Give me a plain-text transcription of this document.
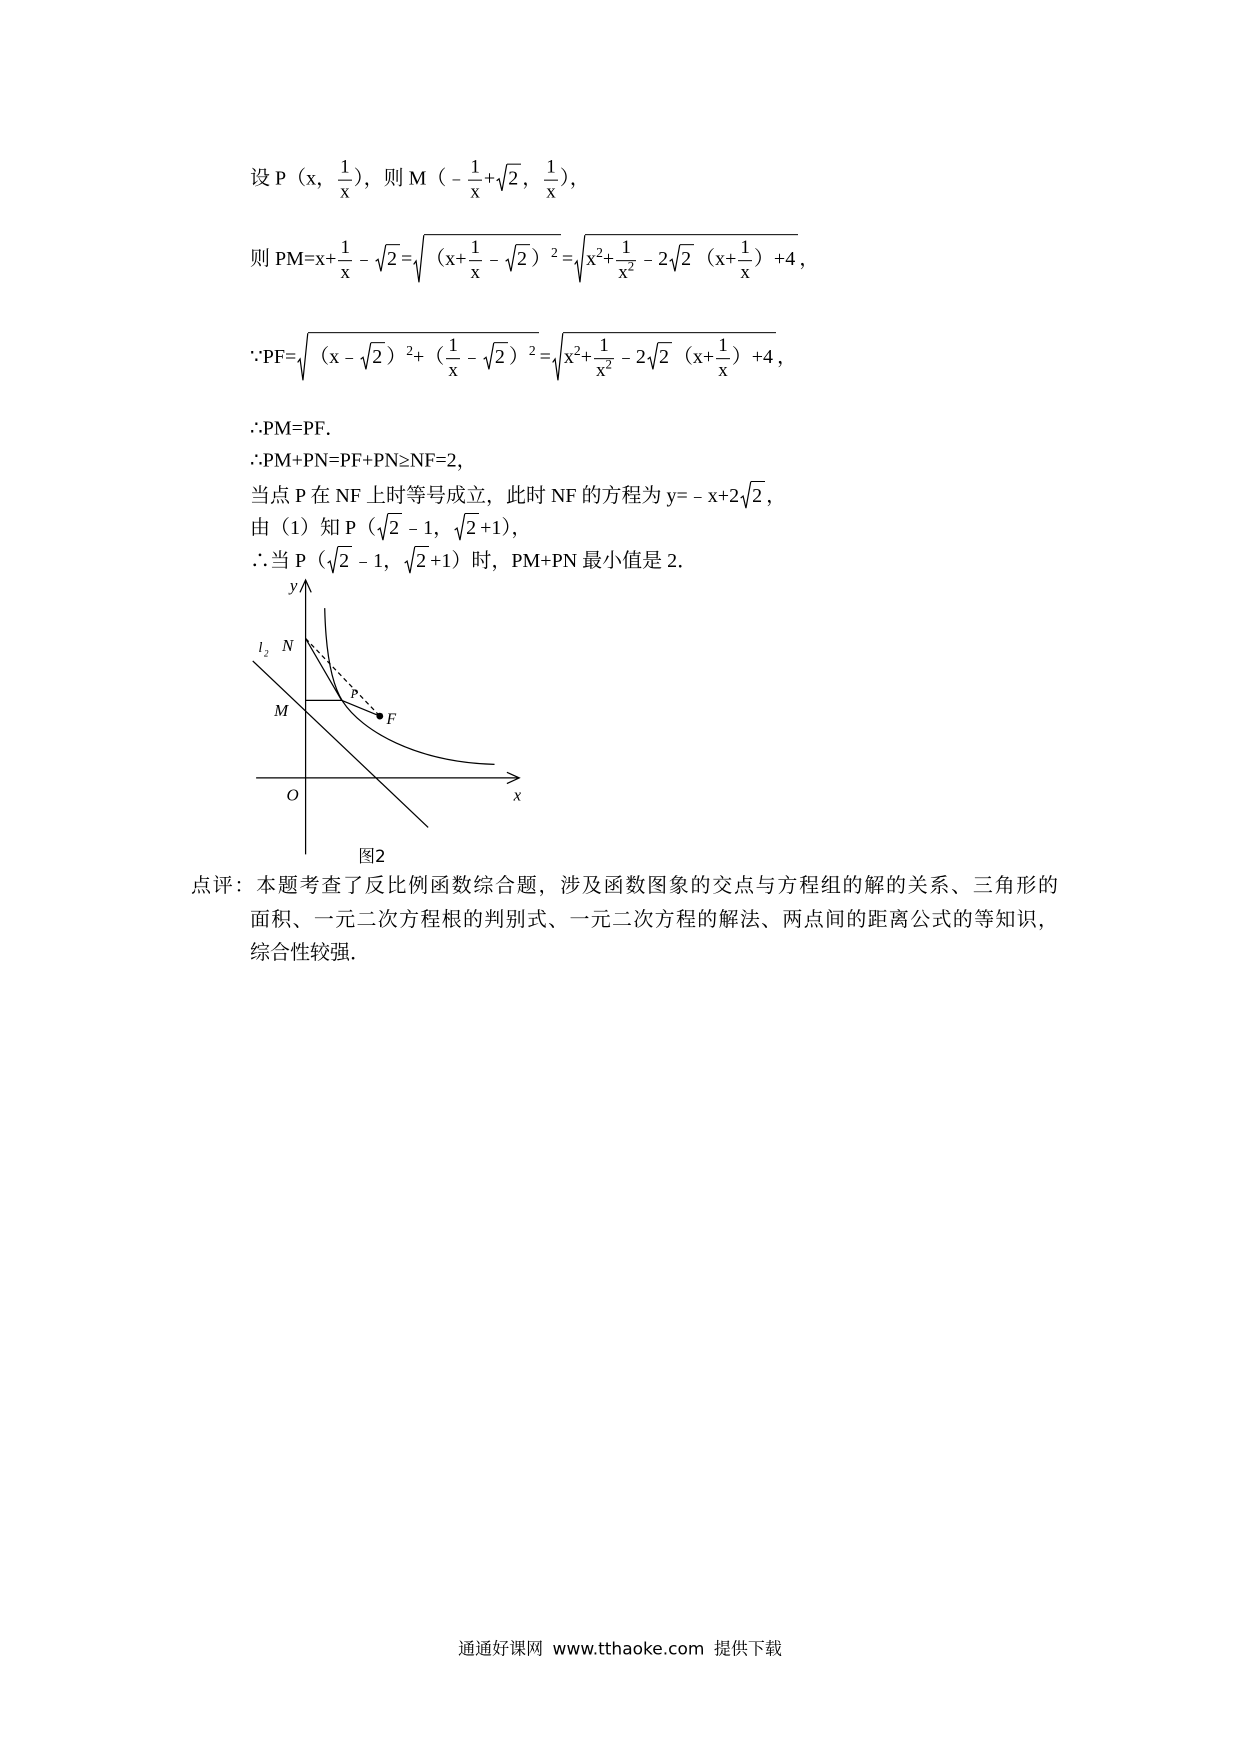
设 P（x， $\frac{1}{x}$ ），则 M（﹣ $\frac{1}{x} + 2$ ， $\frac{1}{x}$ ），
则 $PM=x+ \frac{1}{x}$ ﹣ $2 = (x+ \frac{1}{x}$ ﹣ 2 ）$^2 = x^2+ \frac{1}{x^2}$ ﹣2 2 $(x+ \frac{1}{x} )+4$ ，
∵PF= （x﹣ 2 ）$^2+( \frac{1}{x}$ ﹣ 2 ）$^2 = x^2+ \frac{1}{x^2}$ ﹣2 2 $(x+ \frac{1}{x} )+4$ ，
∴PM=PF．
∴PM+PN=PF+PN≥NF=2，
当点 P 在 NF 上时等号成立，此时 NF 的方程为 y=﹣x+2 2 ，
由（1）知 P（ 2 ﹣1， 2 +1），
∴当 P（ 2 ﹣1， 2 +1）时，PM+PN 最小值是 2．
y
N
l 2
M
P
F
O	x
图2
点评：本题考查了反比例函数综合题，涉及函数图象的交点与方程组的解的关系、三角形的
面积、一元二次方程根的判别式、一元二次方程的解法、两点间的距离公式的等知识，
综合性较强．
通通好课网 www.tthaoke.com 提供下载
